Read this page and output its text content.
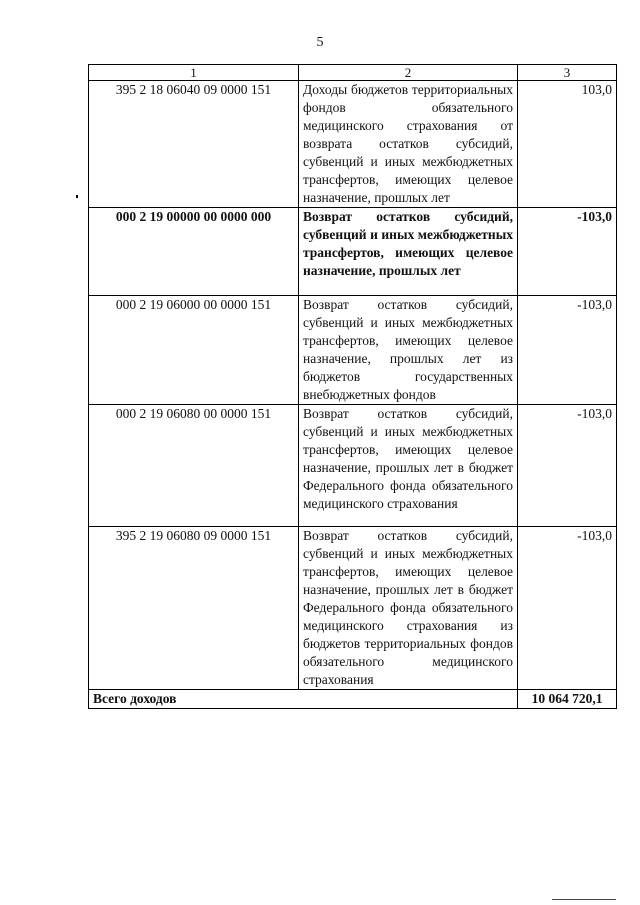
5
1	2	3
395 2 18 06040 09 0000 151	Доходы бюджетов территориальных фондов обязательного медицинского страхования от возврата остатков субсидий, субвенций и иных межбюджетных трансфертов, имеющих целевое назначение, прошлых лет	103,0
000 2 19 00000 00 0000 000	Возврат остатков субсидий, субвенций и иных межбюджетных трансфертов, имеющих целевое назначение, прошлых лет	-103,0
000 2 19 06000 00 0000 151	Возврат остатков субсидий, субвенций и иных межбюджетных трансфертов, имеющих целевое назначение, прошлых лет из бюджетов государственных внебюджетных фондов	-103,0
000 2 19 06080 00 0000 151	Возврат остатков субсидий, субвенций и иных межбюджетных трансфертов, имеющих целевое назначение, прошлых лет в бюджет Федерального фонда обязательного медицинского страхования	-103,0
395 2 19 06080 09 0000 151	Возврат остатков субсидий, субвенций и иных межбюджетных трансфертов, имеющих целевое назначение, прошлых лет в бюджет Федерального фонда обязательного медицинского страхования из бюджетов территориальных фондов обязательного медицинского страхования	-103,0
Всего доходов		10 064 720,1
